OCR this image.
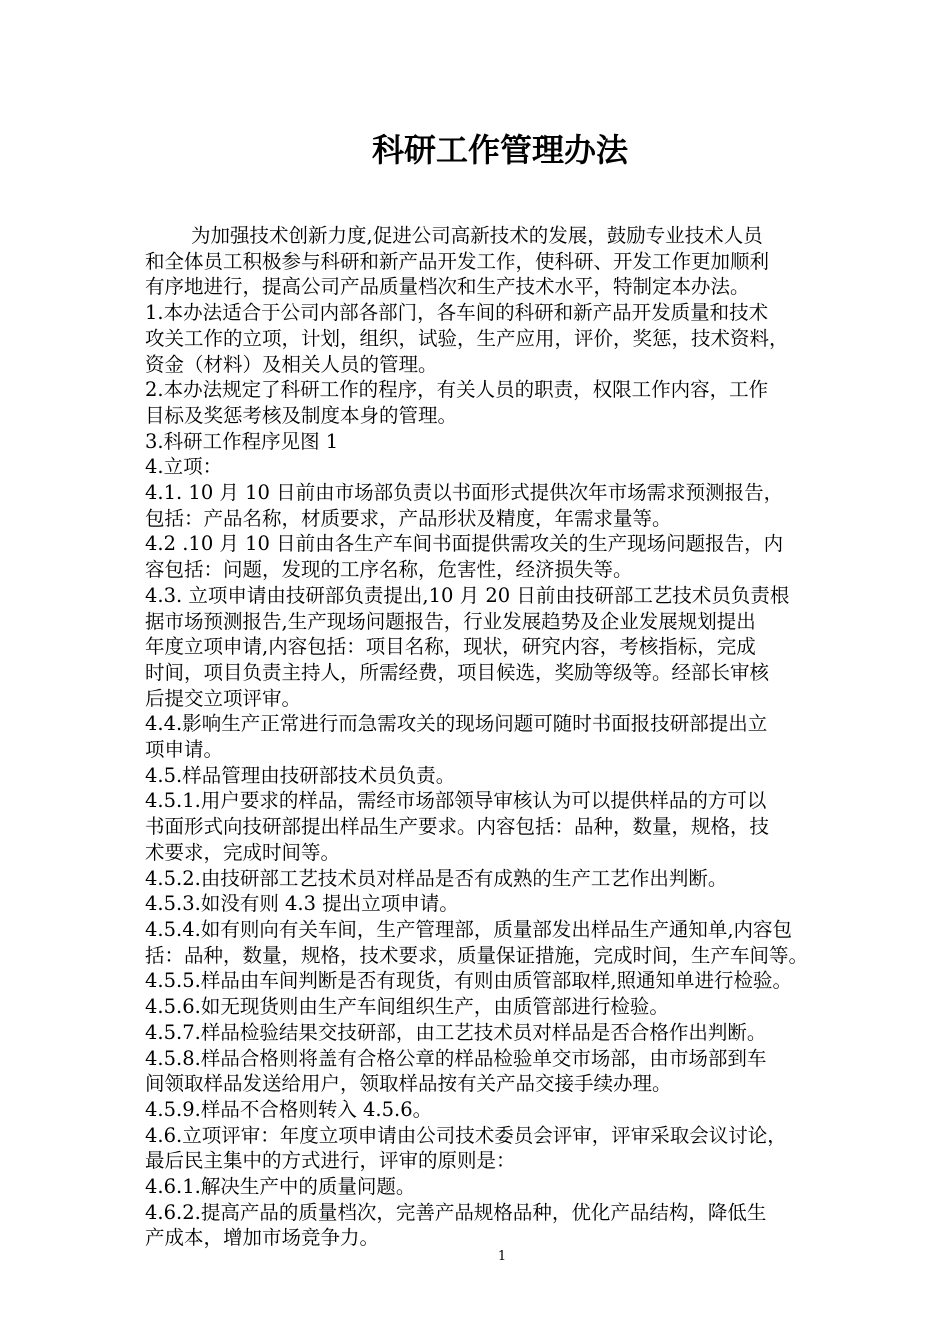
科研工作管理办法

为加强技术创新力度,促进公司高新技术的发展，鼓励专业技术人员

和全体员工积极参与科研和新产品开发工作，使科研、开发工作更加顺利

有序地进行，提高公司产品质量档次和生产技术水平，特制定本办法。

1.本办法适合于公司内部各部门，各车间的科研和新产品开发质量和技术

攻关工作的立项，计划，组织，试验，生产应用，评价，奖惩，技术资料，

资金（材料）及相关人员的管理。

2.本办法规定了科研工作的程序，有关人员的职责，权限工作内容，工作

目标及奖惩考核及制度本身的管理。

3.科研工作程序见图 1

4.立项：

4.1. 10 月 10 日前由市场部负责以书面形式提供次年市场需求预测报告，

包括：产品名称，材质要求，产品形状及精度，年需求量等。

4.2 .10 月 10 日前由各生产车间书面提供需攻关的生产现场问题报告，内

容包括：问题，发现的工序名称，危害性，经济损失等。

4.3. 立项申请由技研部负责提出,10 月 20 日前由技研部工艺技术员负责根

据市场预测报告,生产现场问题报告，行业发展趋势及企业发展规划提出

年度立项申请,内容包括：项目名称，现状，研究内容，考核指标，完成

时间，项目负责主持人，所需经费，项目候选，奖励等级等。经部长审核

后提交立项评审。

4.4.影响生产正常进行而急需攻关的现场问题可随时书面报技研部提出立

项申请。

4.5.样品管理由技研部技术员负责。

4.5.1.用户要求的样品，需经市场部领导审核认为可以提供样品的方可以

书面形式向技研部提出样品生产要求。内容包括：品种，数量，规格，技

术要求，完成时间等。

4.5.2.由技研部工艺技术员对样品是否有成熟的生产工艺作出判断。

4.5.3.如没有则 4.3 提出立项申请。

4.5.4.如有则向有关车间，生产管理部，质量部发出样品生产通知单,内容包

括：品种，数量，规格，技术要求，质量保证措施，完成时间，生产车间等。

4.5.5.样品由车间判断是否有现货，有则由质管部取样,照通知单进行检验。

4.5.6.如无现货则由生产车间组织生产，由质管部进行检验。

4.5.7.样品检验结果交技研部，由工艺技术员对样品是否合格作出判断。

4.5.8.样品合格则将盖有合格公章的样品检验单交市场部，由市场部到车

间领取样品发送给用户，领取样品按有关产品交接手续办理。

4.5.9.样品不合格则转入 4.5.6。

4.6.立项评审：年度立项申请由公司技术委员会评审，评审采取会议讨论，

最后民主集中的方式进行，评审的原则是：

4.6.1.解决生产中的质量问题。

4.6.2.提高产品的质量档次，完善产品规格品种，优化产品结构，降低生

产成本，增加市场竞争力。

1
